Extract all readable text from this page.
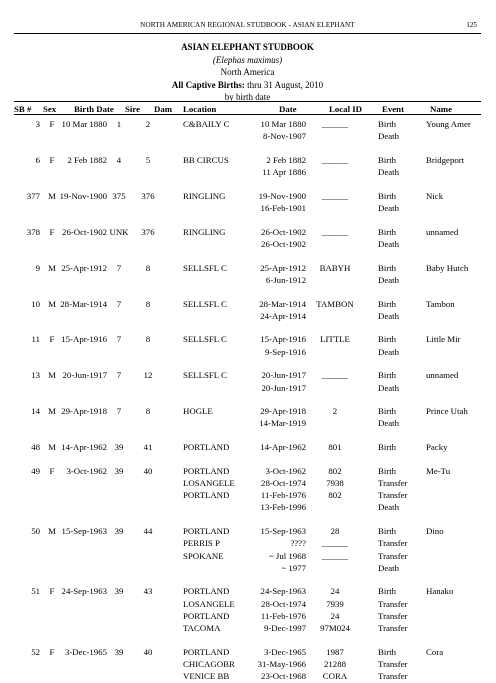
NORTH AMERICAN REGIONAL STUDBOOK - ASIAN ELEPHANT	125
ASIAN ELEPHANT STUDBOOK
(Elephas maximus)
North America
All Captive Births: thru 31 August, 2010
by birth date
SB # Sex Birth Date Sire Dam Location	Date	Local ID Event	Name
3	F 10 Mar 1880	1	2	Young Amer
C&BAILY C	10 Mar 1880	______	Birth
8-Nov-1907	Death
6	F	2 Feb 1882	4	5	Bridgeport
BB CIRCUS	2 Feb 1882	______	Birth
11 Apr 1886	Death
377 M 19-Nov-1900 375	376	Nick
RINGLING	19-Nov-1900	______	Birth
16-Feb-1901	Death
378	F 26-Oct-1902 UNK	376	unnamed
RINGLING	26-Oct-1902	______	Birth
26-Oct-1902	Death
9 M 25-Apr-1912	7	8	Baby Hutch
SELLSFL C	25-Apr-1912	BABYH	Birth
6-Jun-1912	Death
10 M 28-Mar-1914	7	8	Tambon
SELLSFL C	28-Mar-1914	TAMBON	Birth
24-Apr-1914	Death
11	F 15-Apr-1916	7	8	Little Mir
SELLSFL C	15-Apr-1916	LITTLE	Birth
9-Sep-1916	Death
13 M 20-Jun-1917	7	12	unnamed
SELLSFL C	20-Jun-1917	______	Birth
20-Jun-1917	Death
14 M 29-Apr-1918	7	8	Prince Utah
HOGLE	29-Apr-1918	2	Birth
14-Mar-1919	Death
48 M 14-Apr-1962 39	41	Packy
PORTLAND	14-Apr-1962	801	Birth
49	F	3-Oct-1962 39	40	Me-Tu
PORTLAND	3-Oct-1962	802	Birth
LOSANGELE	28-Oct-1974	7938	Transfer
PORTLAND	11-Feb-1976	802	Transfer
13-Feb-1996	Death
50 M 15-Sep-1963 39	44	Dino
PORTLAND	15-Sep-1963	28	Birth
PERRIS P	????	______	Transfer
SPOKANE	~ Jul 1968	______	Transfer
~ 1977	Death
51	F 24-Sep-1963 39	43	Hanako
PORTLAND	24-Sep-1963	24	Birth
LOSANGELE	28-Oct-1974	7939	Transfer
PORTLAND	11-Feb-1976	24	Transfer
TACOMA	9-Dec-1997	97M024	Transfer
52	F	3-Dec-1965 39	40	Cora
PORTLAND	3-Dec-1965	1987	Birth
CHICAGOBR	31-May-1966	21288	Transfer
VENICE BB	23-Oct-1968	CORA	Transfer
